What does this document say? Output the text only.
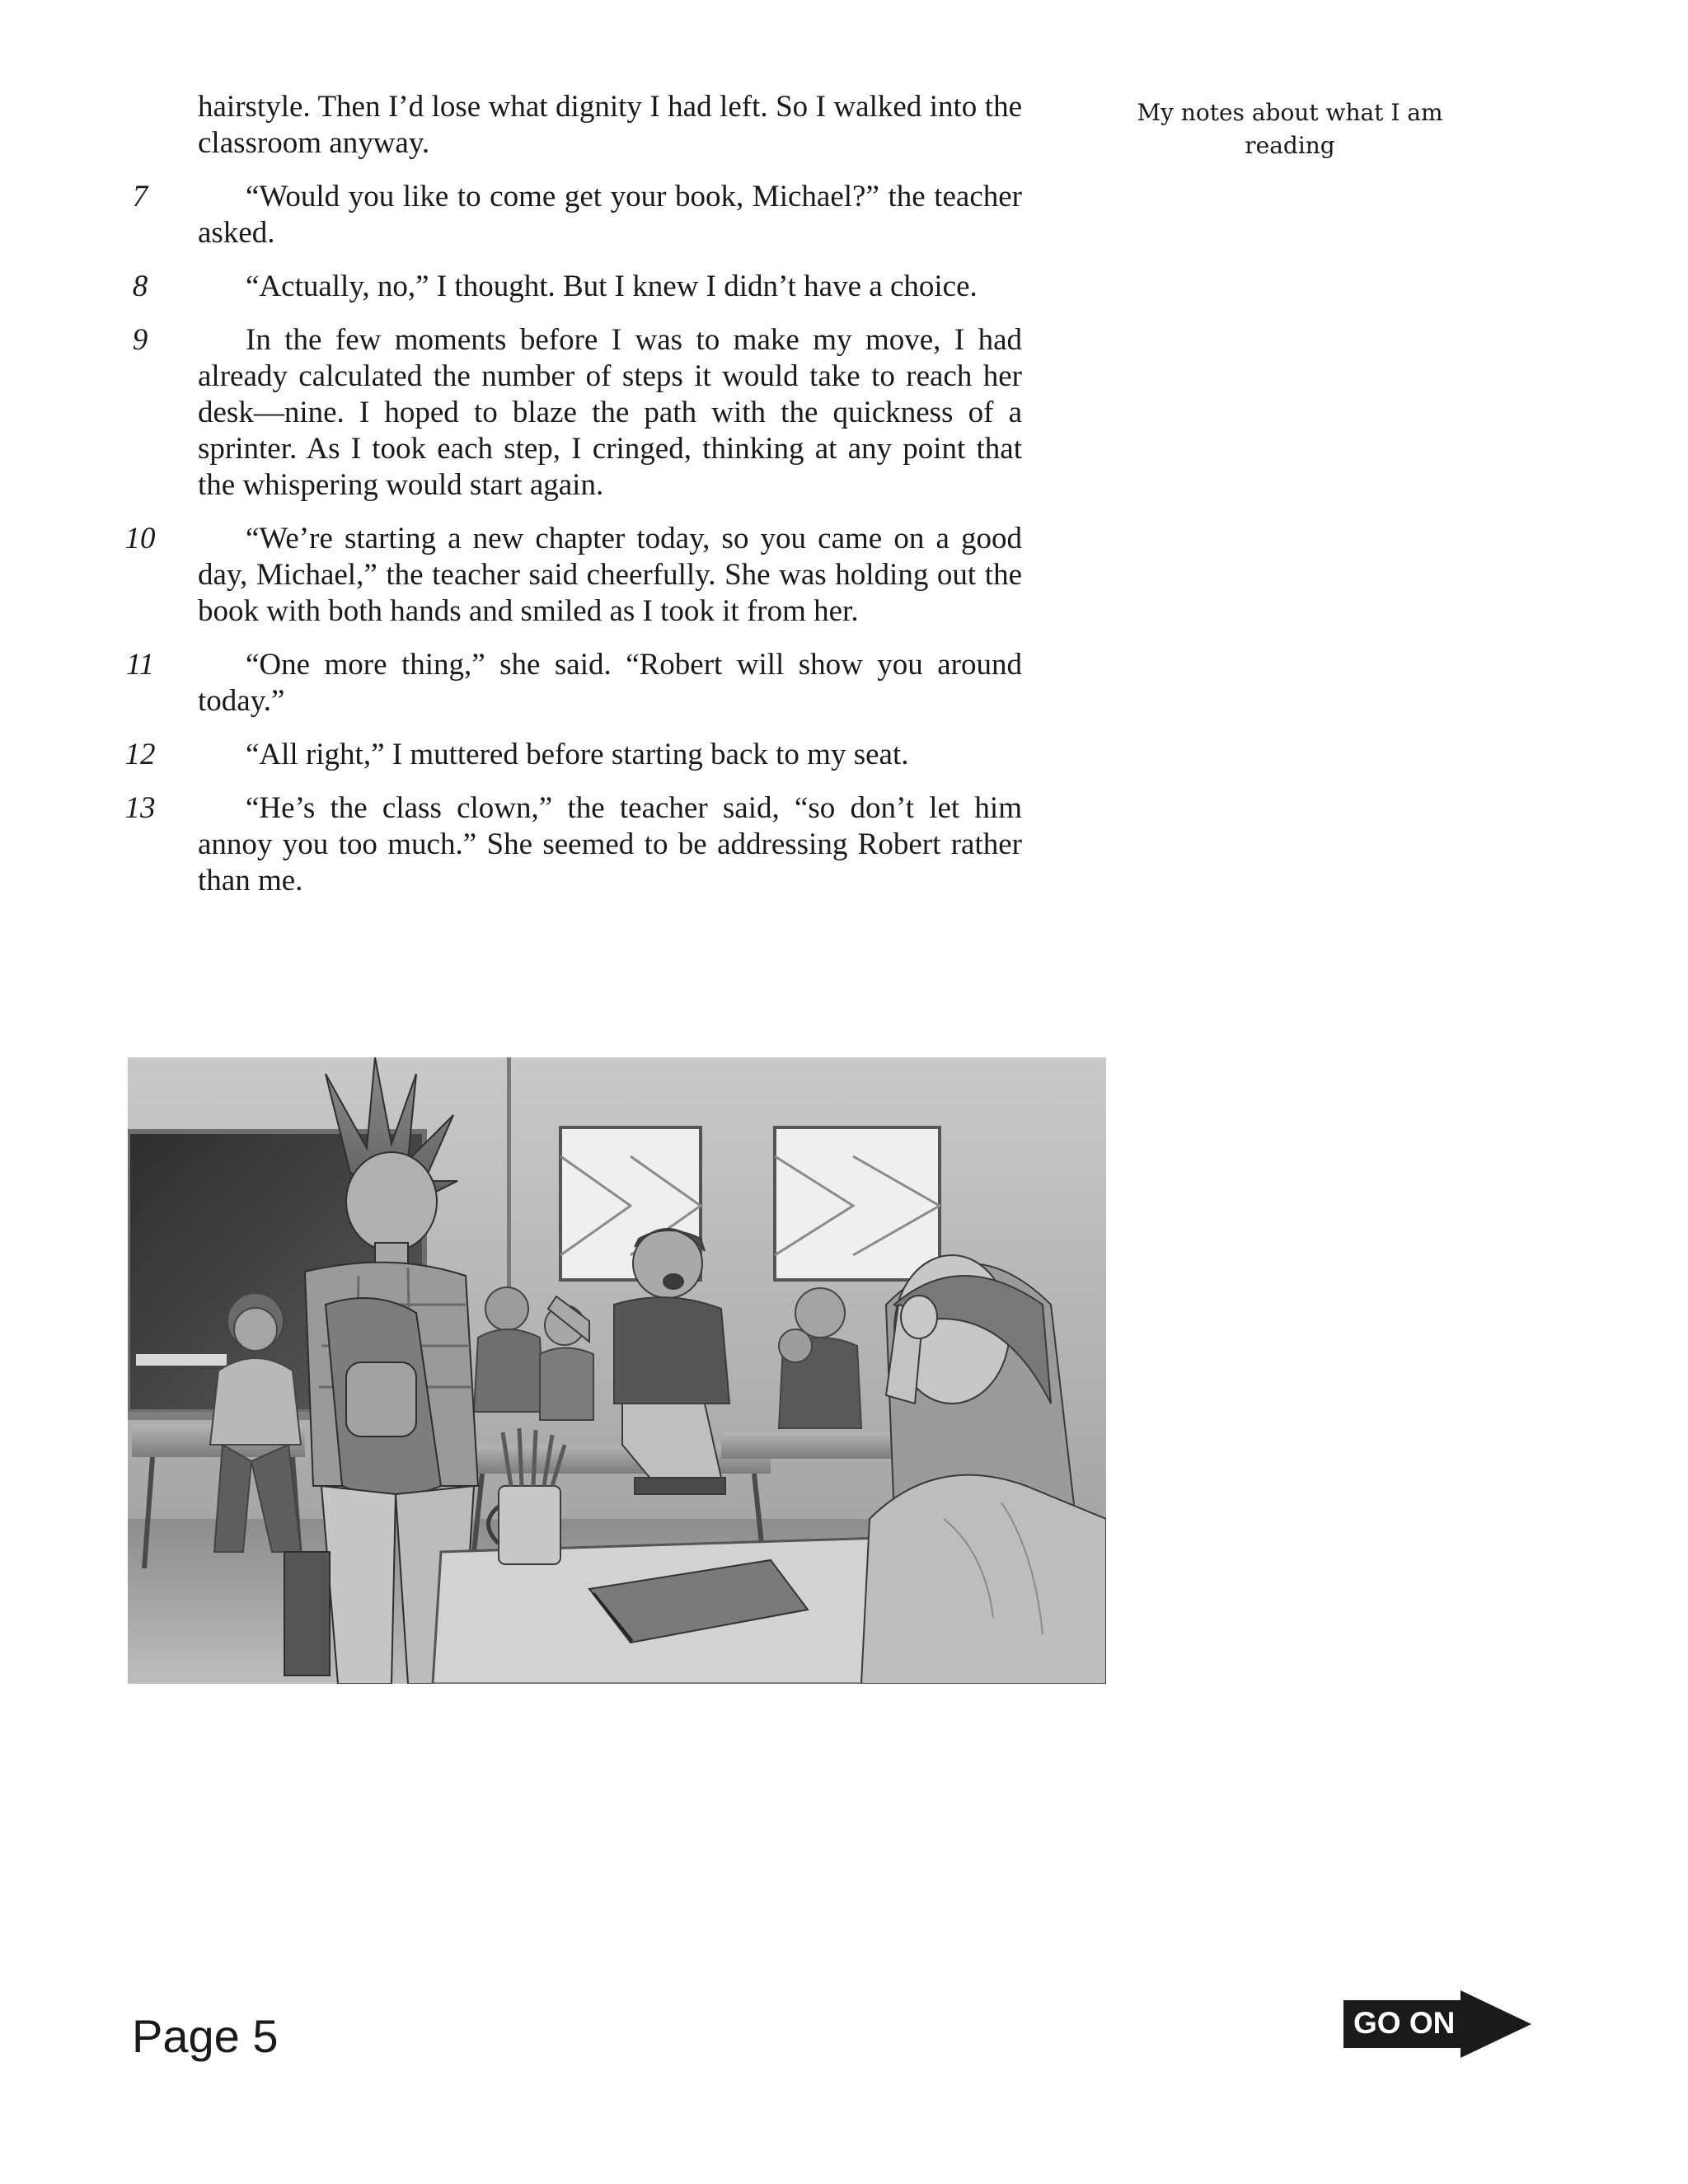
hairstyle. Then I’d lose what dignity I had left. So I walked into the classroom anyway.

7	“Would you like to come get your book, Michael?” the teacher asked.

8	“Actually, no,” I thought. But I knew I didn’t have a choice.

9	In the few moments before I was to make my move, I had already calculated the number of steps it would take to reach her desk—nine. I hoped to blaze the path with the quickness of a sprinter. As I took each step, I cringed, thinking at any point that the whispering would start again.

10	“We’re starting a new chapter today, so you came on a good day, Michael,” the teacher said cheerfully. She was holding out the book with both hands and smiled as I took it from her.

11	“One more thing,” she said. “Robert will show you around today.”

12	“All right,” I muttered before starting back to my seat.

13	“He’s the class clown,” the teacher said, “so don’t let him annoy you too much.” She seemed to be addressing Robert rather than me.

My notes about what I am reading
Page 5	GO ON
